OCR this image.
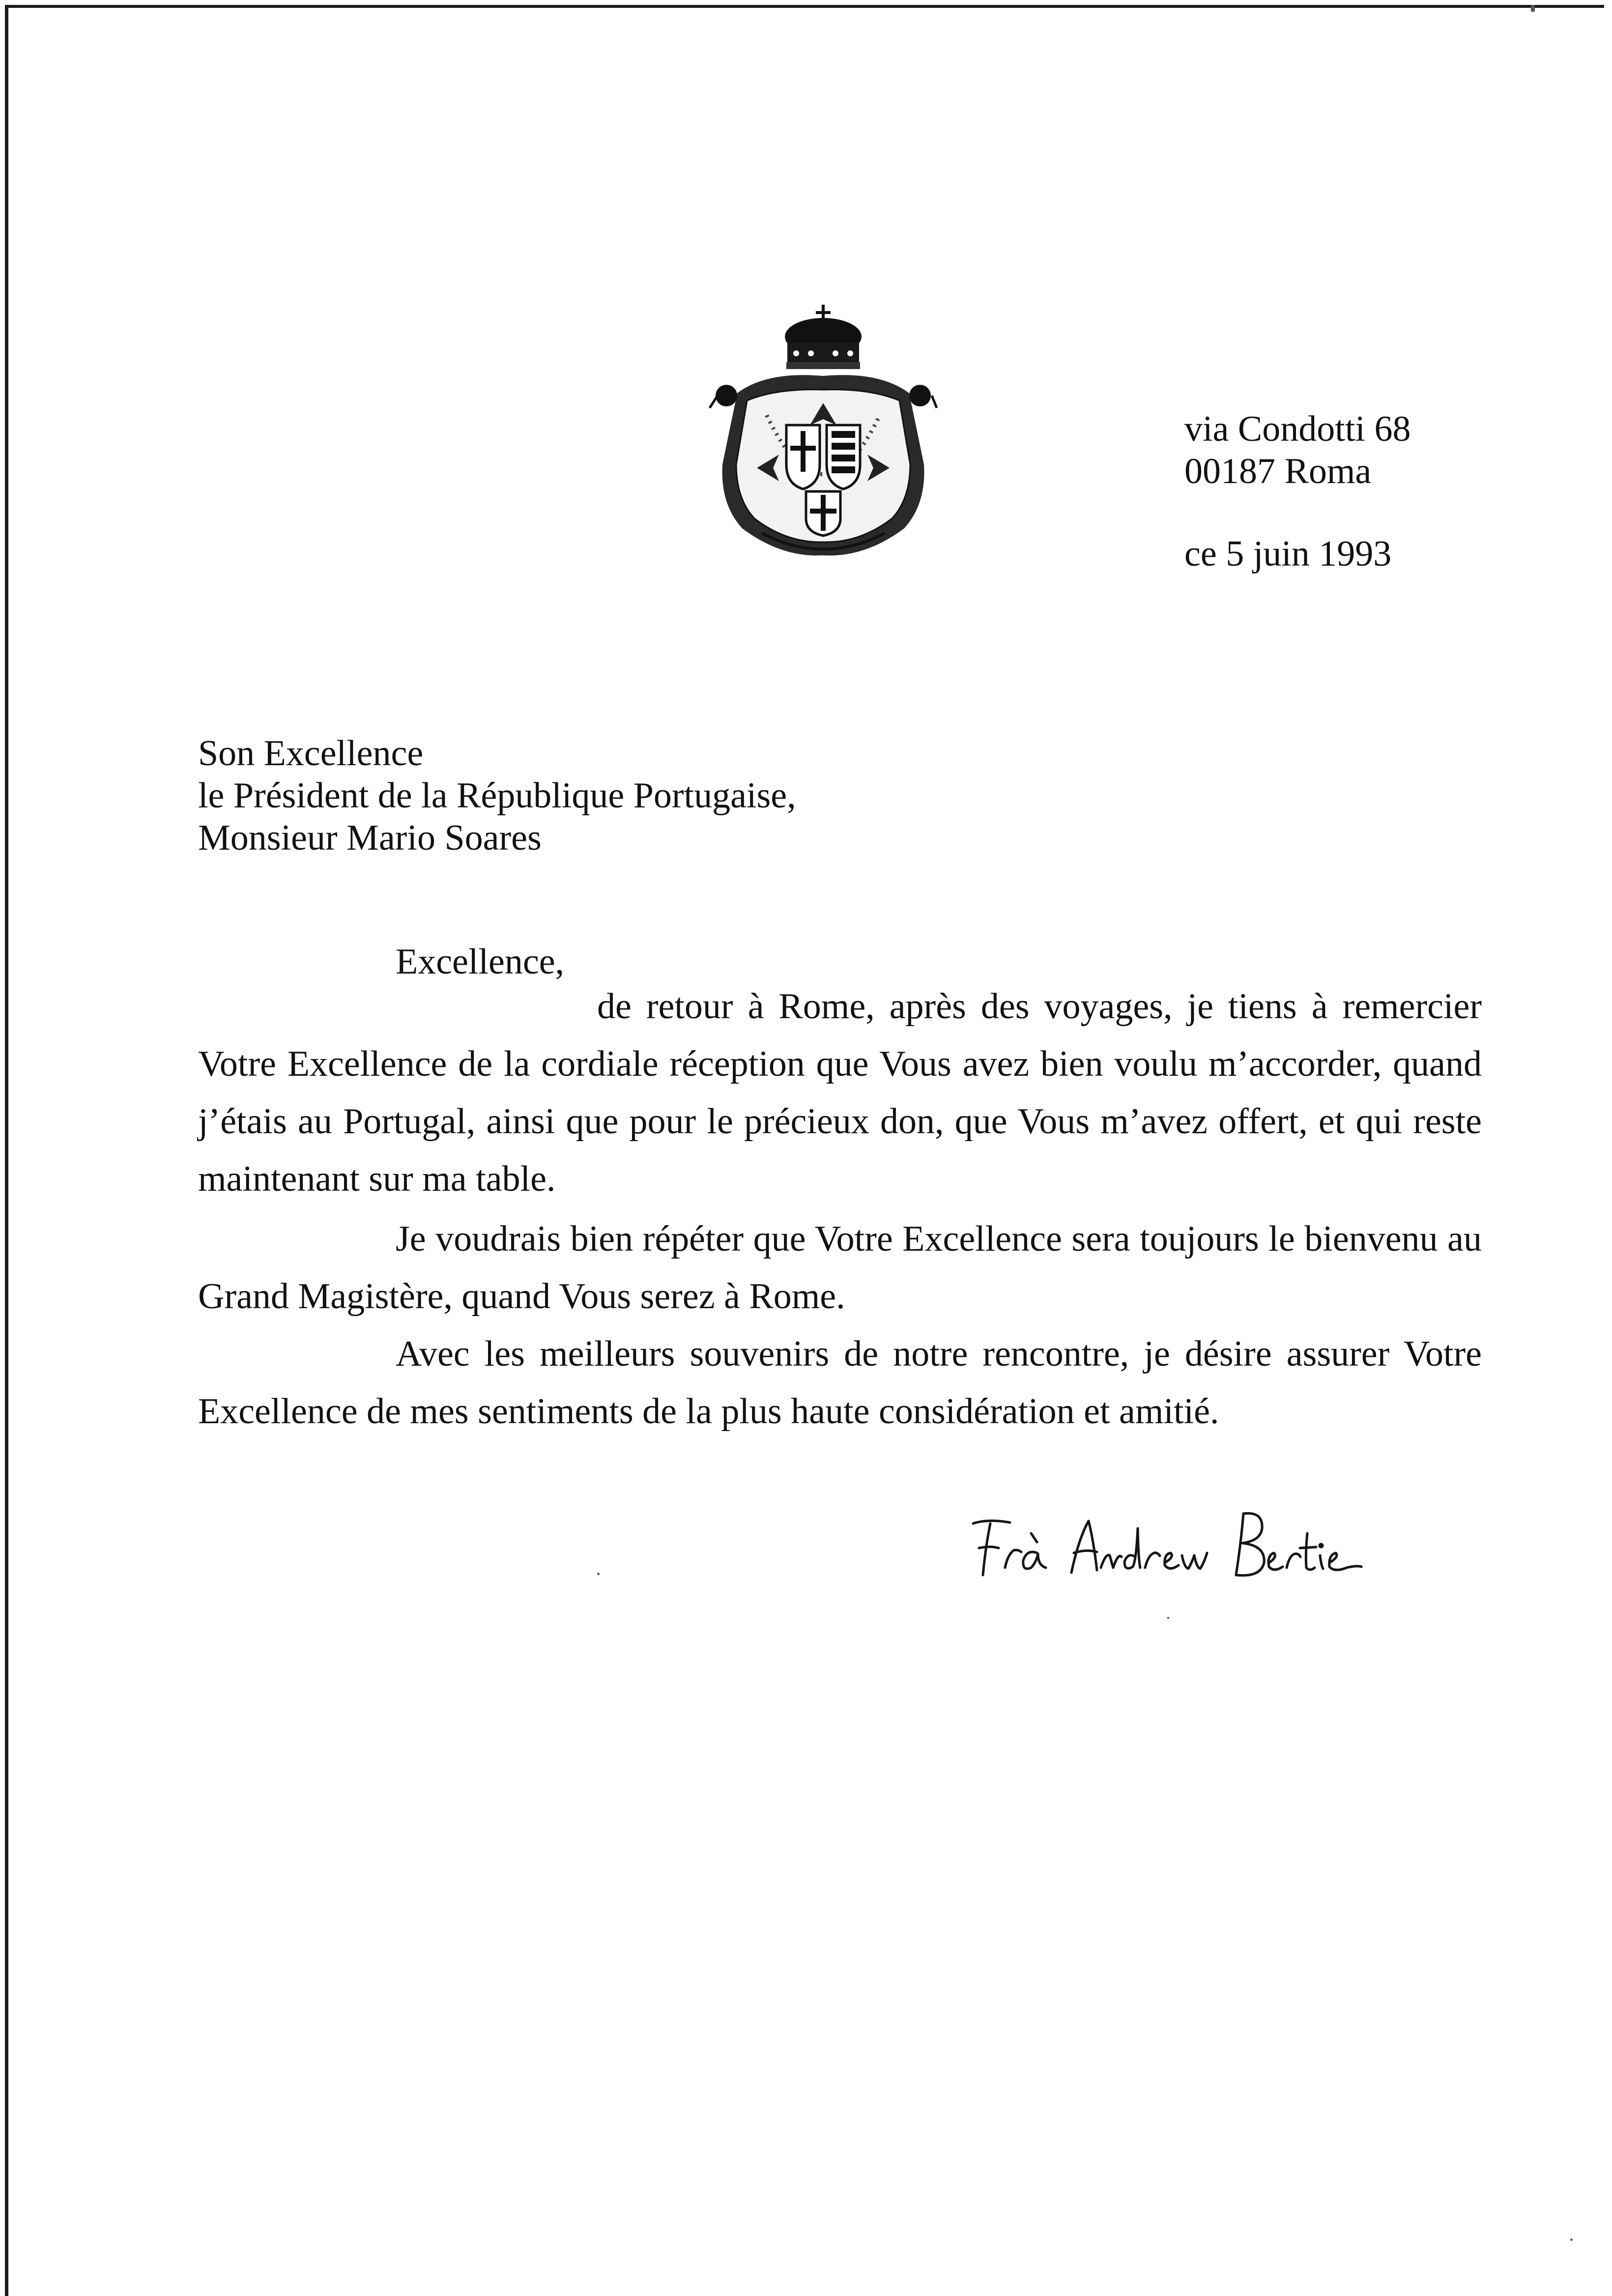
via Condotti 68
00187 Roma
ce 5 juin 1993
Son Excellence
le Président de la République Portugaise,
Monsieur Mario Soares
Excellence,
de retour à Rome, après des voyages, je tiens à remercier Votre Excellence de la cordiale réception que Vous avez bien voulu m’accorder, quand j’étais au Portugal, ainsi que pour le précieux don, que Vous m’avez offert, et qui reste maintenant sur ma table.
Je voudrais bien répéter que Votre Excellence sera toujours le bienvenu au Grand Magistère, quand Vous serez à Rome.
Avec les meilleurs souvenirs de notre rencontre, je désire assurer Votre Excellence de mes sentiments de la plus haute considération et amitié.
